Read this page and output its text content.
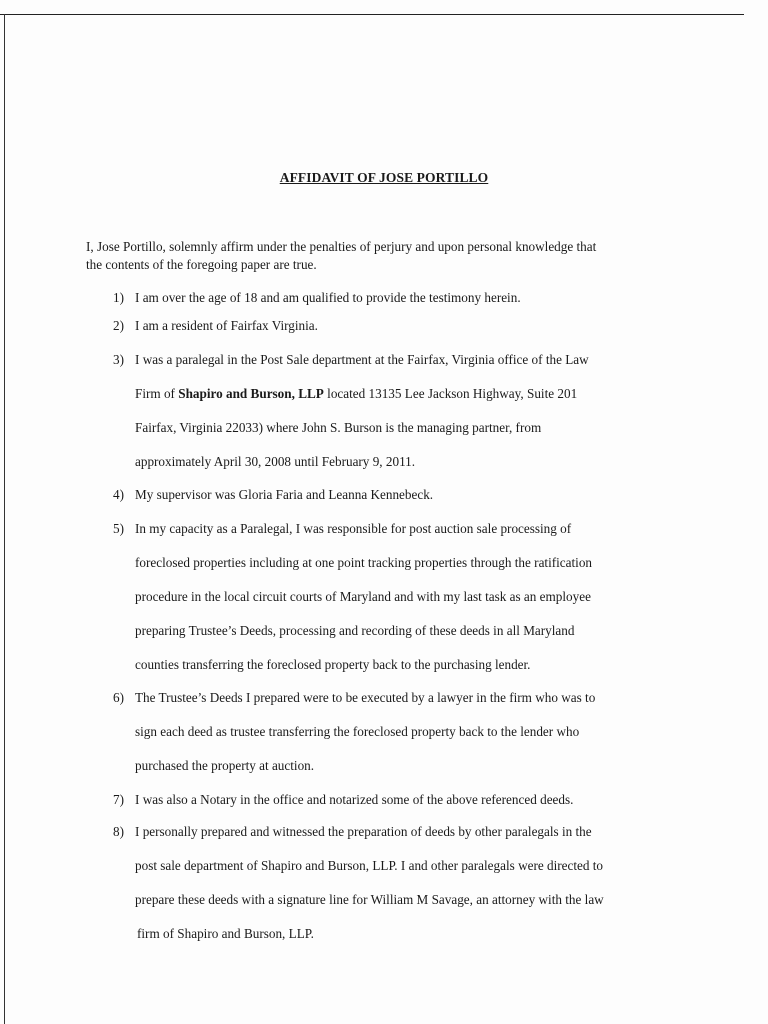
AFFIDAVIT OF JOSE PORTILLO
I, Jose Portillo, solemnly affirm under the penalties of perjury and upon personal knowledge that
the contents of the foregoing paper are true.
1) I am over the age of 18 and am qualified to provide the testimony herein.
2) I am a resident of Fairfax Virginia.
3) I was a paralegal in the Post Sale department at the Fairfax, Virginia office of the Law
Firm of Shapiro and Burson, LLP located 13135 Lee Jackson Highway, Suite 201
Fairfax, Virginia 22033) where John S. Burson is the managing partner, from
approximately April 30, 2008 until February 9, 2011.
4) My supervisor was Gloria Faria and Leanna Kennebeck.
5) In my capacity as a Paralegal, I was responsible for post auction sale processing of
foreclosed properties including at one point tracking properties through the ratification
procedure in the local circuit courts of Maryland and with my last task as an employee
preparing Trustee’s Deeds, processing and recording of these deeds in all Maryland
counties transferring the foreclosed property back to the purchasing lender.
6) The Trustee’s Deeds I prepared were to be executed by a lawyer in the firm who was to
sign each deed as trustee transferring the foreclosed property back to the lender who
purchased the property at auction.
7) I was also a Notary in the office and notarized some of the above referenced deeds.
8) I personally prepared and witnessed the preparation of deeds by other paralegals in the
post sale department of Shapiro and Burson, LLP. I and other paralegals were directed to
prepare these deeds with a signature line for William M Savage, an attorney with the law
firm of Shapiro and Burson, LLP.
